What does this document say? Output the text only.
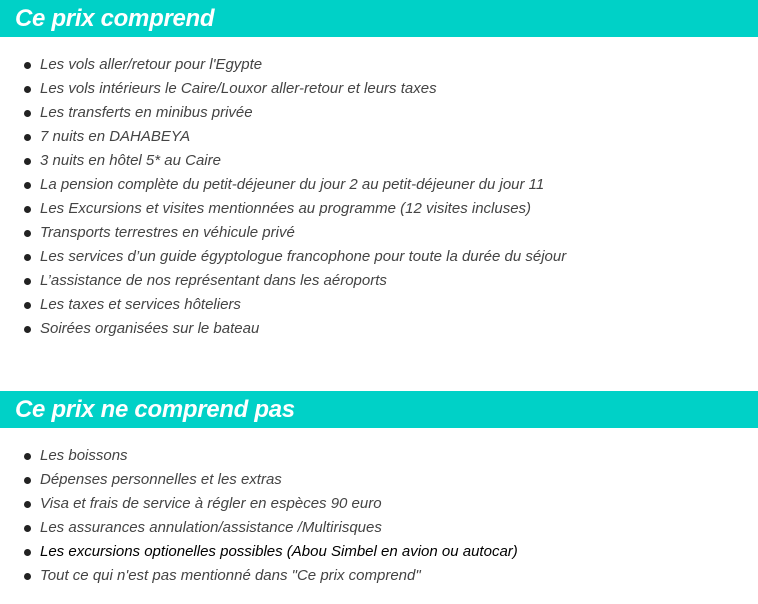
Ce prix comprend
Les vols aller/retour pour l'Egypte
Les vols intérieurs le Caire/Louxor aller-retour et leurs taxes
Les transferts en minibus privée
7 nuits en DAHABEYA
3 nuits en hôtel 5* au Caire
La pension complète du petit-déjeuner du jour 2 au petit-déjeuner du jour 11
Les Excursions et visites mentionnées au programme (12 visites incluses)
Transports terrestres en véhicule privé
Les services d’un guide égyptologue francophone pour toute la durée du séjour
L’assistance de nos représentant dans les aéroports
Les taxes et services hôteliers
Soirées organisées sur le bateau
Ce prix ne comprend pas
Les boissons
Dépenses personnelles et les extras
Visa et frais de service à régler en espèces 90 euro
Les assurances annulation/assistance /Multirisques
Les excursions optionelles possibles (Abou Simbel en avion ou autocar)
Tout ce qui n'est pas mentionné dans "Ce prix comprend"
